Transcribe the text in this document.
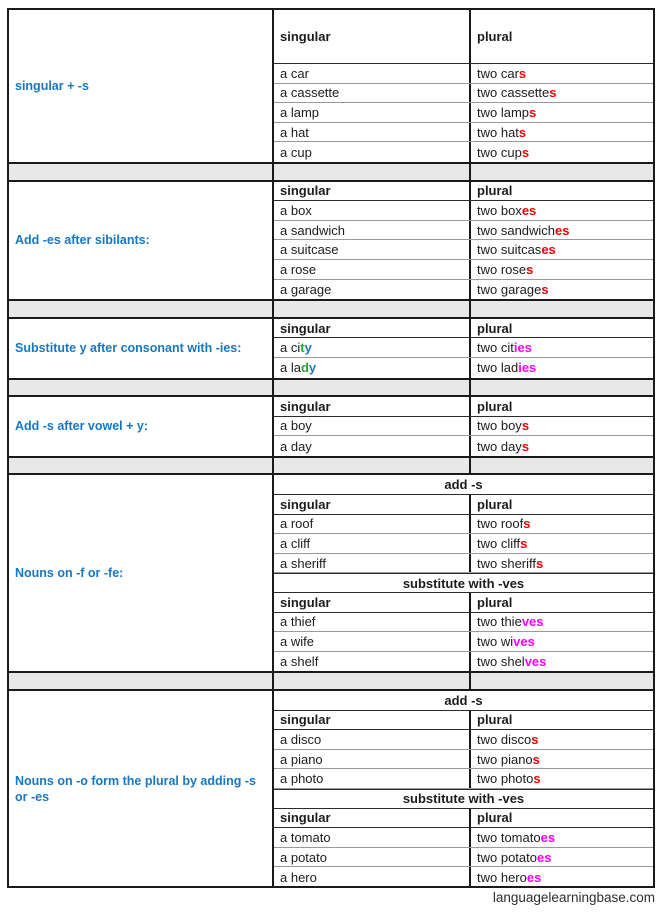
singular + -s
singular	plural
a car	two car s
a cassette	two cassette s
a lamp	two lamp s
a hat	two hat s
a cup	two cup s
Add -es after sibilants:
singular	plural
a box	two box es
a sandwich	two sandwich es
a suitcase	two suitcas es
a rose	two rose s
a garage	two garage s
Substitute y after consonant with -ies:
singular	plural
a ci t y	two cit ies
a la d y	two lad ies
Add -s after vowel + y:
singular	plural
a boy	two boy s
a day	two day s
Nouns on -f or -fe:
add -s
singular	plural
a roof	two roof s
a cliff	two cliff s
a sheriff	two sheriff s
substitute with -ves
singular	plural
a thief	two thie ves
a wife	two wi ves
a shelf	two shel ves
Nouns on -o form the plural by adding -s or -es
add -s
singular	plural
a disco	two disco s
a piano	two piano s
a photo	two photo s
substitute with -ves
singular	plural
a tomato	two tomato es
a potato	two potato es
a hero	two hero es
languagelearningbase.com
